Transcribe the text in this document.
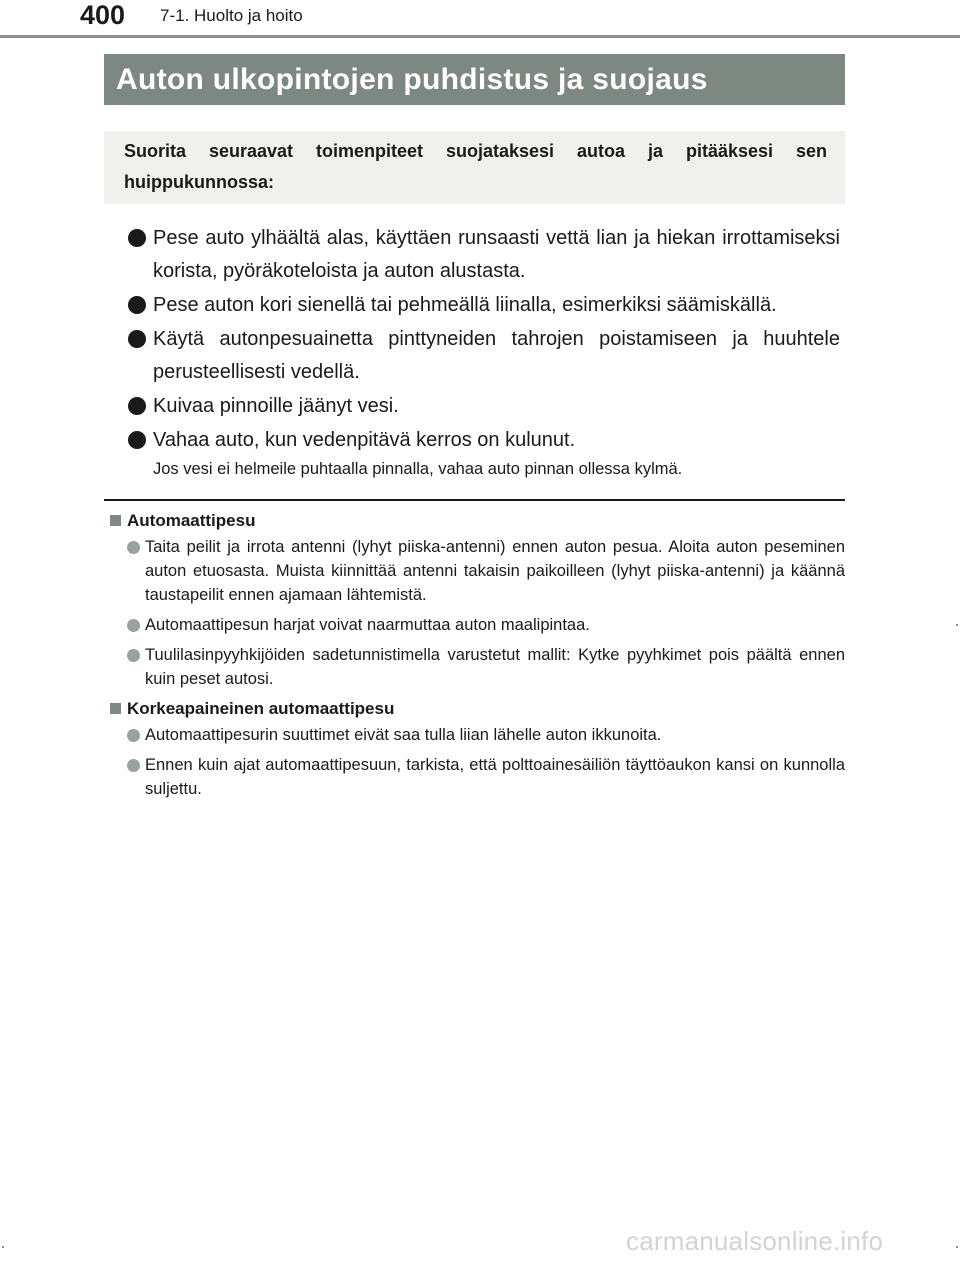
400 7-1. Huolto ja hoito
Auton ulkopintojen puhdistus ja suojaus

Suorita seuraavat toimenpiteet suojataksesi autoa ja pitääksesi sen huippukunnossa:

Pese auto ylhäältä alas, käyttäen runsaasti vettä lian ja hiekan irrottamiseksi korista, pyöräkoteloista ja auton alustasta.
Pese auton kori sienellä tai pehmeällä liinalla, esimerkiksi säämiskällä.
Käytä autonpesuainetta pinttyneiden tahrojen poistamiseen ja huuhtele perusteellisesti vedellä.
Kuivaa pinnoille jäänyt vesi.
Vahaa auto, kun vedenpitävä kerros on kulunut.

Jos vesi ei helmeile puhtaalla pinnalla, vahaa auto pinnan ollessa kylmä.

Automaattipesu
Taita peilit ja irrota antenni (lyhyt piiska-antenni) ennen auton pesua. Aloita auton peseminen auton etuosasta. Muista kiinnittää antenni takaisin paikoilleen (lyhyt piiska-antenni) ja käännä taustapeilit ennen ajamaan lähtemistä.
Automaattipesun harjat voivat naarmuttaa auton maalipintaa.
Tuulilasinpyyhkijöiden sadetunnistimella varustetut mallit: Kytke pyyhkimet pois päältä ennen kuin peset autosi.
Korkeapaineinen automaattipesu
Automaattipesurin suuttimet eivät saa tulla liian lähelle auton ikkunoita.
Ennen kuin ajat automaattipesuun, tarkista, että polttoainesäiliön täyttöaukon kansi on kunnolla suljettu.
carmanualsonline.info
